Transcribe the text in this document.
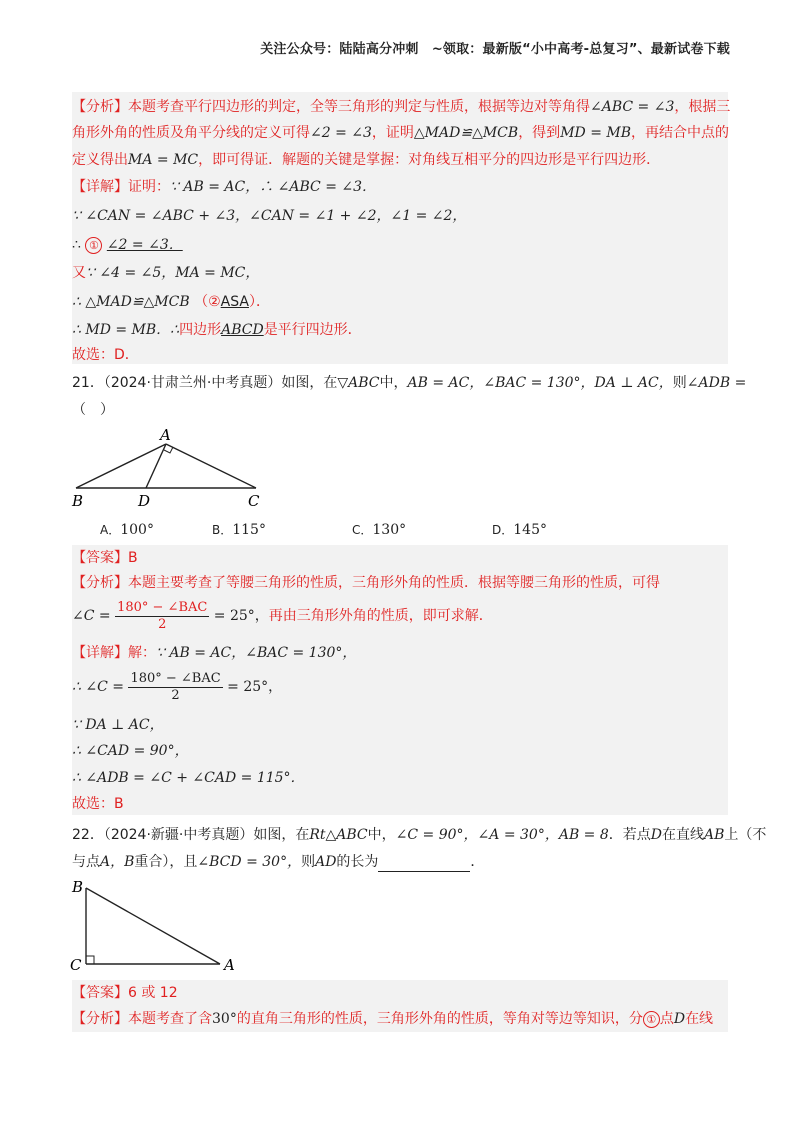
关注公众号：陆陆高分冲刺　~领取：最新版“小中高考-总复习”、最新试卷下载
【分析】本题考查平行四边形的判定，全等三角形的判定与性质，根据等边对等角得∠ABC = ∠3，根据三
角形外角的性质及角平分线的定义可得∠2 = ∠3，证明△MAD≌△MCB，得到MD = MB，再结合中点的
定义得出MA = MC，即可得证．解题的关键是掌握：对角线互相平分的四边形是平行四边形．
【详解】证明：∵ AB = AC，∴ ∠ABC = ∠3．
∵ ∠CAN = ∠ABC + ∠3，∠CAN = ∠1 + ∠2，∠1 = ∠2，
∴ ① ∠2 = ∠3．
又∵ ∠4 = ∠5，MA = MC，
∴ △MAD≌△MCB （②ASA）．
∴ MD = MB．∴四边形ABCD是平行四边形．
故选：D．
21．（2024·甘肃兰州·中考真题）如图，在▽ABC中，AB = AC，∠BAC = 130°，DA ⊥ AC，则∠ADB =
（　）
A
B	D	C
A．100°	B．115°	C．130°	D．145°
【答案】B
【分析】本题主要考查了等腰三角形的性质，三角形外角的性质．根据等腰三角形的性质，可得
∠C = $\frac{\text{180° − ∠BAC}}{2} = 25^\circ$，再由三角形外角的性质，即可求解．
【详解】解：∵ AB = AC，∠BAC = 130°，
∴ ∠C = $\frac{\text{180° − ∠BAC}}{2} = 25^\circ$，
∵ DA ⊥ AC，
∴ ∠CAD = 90°，
∴ ∠ADB = ∠C + ∠CAD = 115°．
故选：B
22．（2024·新疆·中考真题）如图，在Rt△ABC中，∠C = 90°，∠A = 30°，AB = 8．若点D在直线AB上（不
与点A，B重合），且∠BCD = 30°，则AD的长为	．
B
C	A
【答案】6 或 12
【分析】本题考查了含30°的直角三角形的性质，三角形外角的性质，等角对等边等知识，分 ① 点D在线
